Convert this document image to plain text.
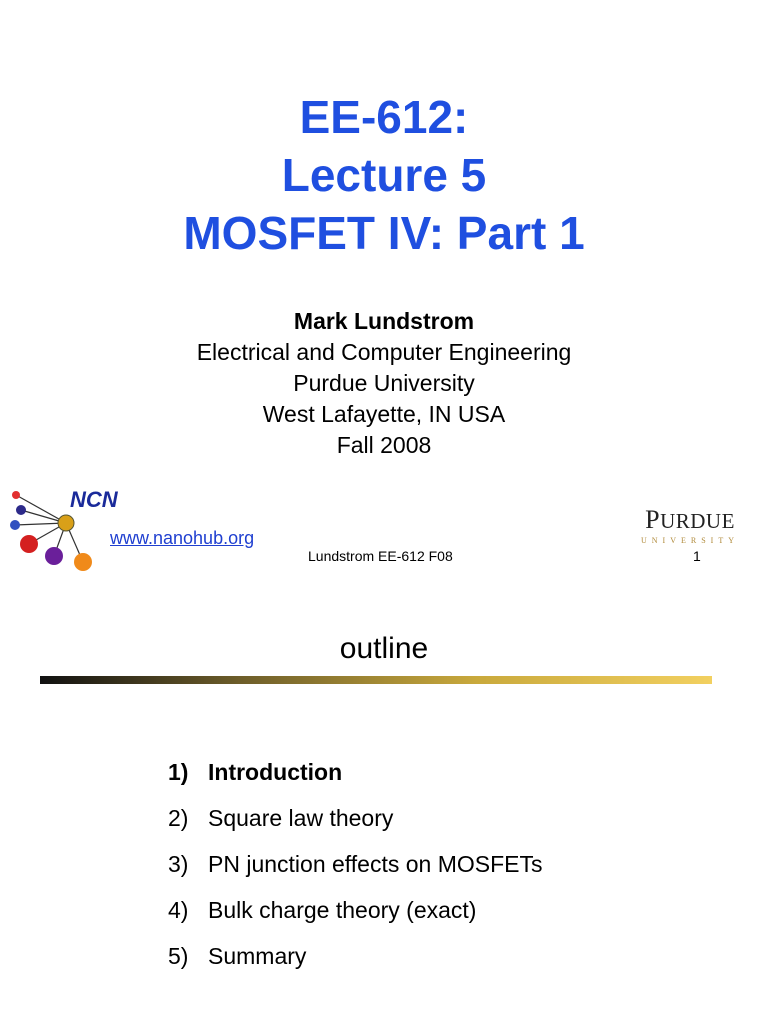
EE-612:
Lecture 5
MOSFET IV: Part 1
Mark Lundstrom
Electrical and Computer Engineering
Purdue University
West Lafayette, IN USA
Fall 2008
NCN
www.nanohub.org
Lundstrom EE-612 F08	1
PURDUE
UNIVERSITY
outline
1) Introduction
2) Square law theory
3) PN junction effects on MOSFETs
4) Bulk charge theory (exact)
5) Summary
